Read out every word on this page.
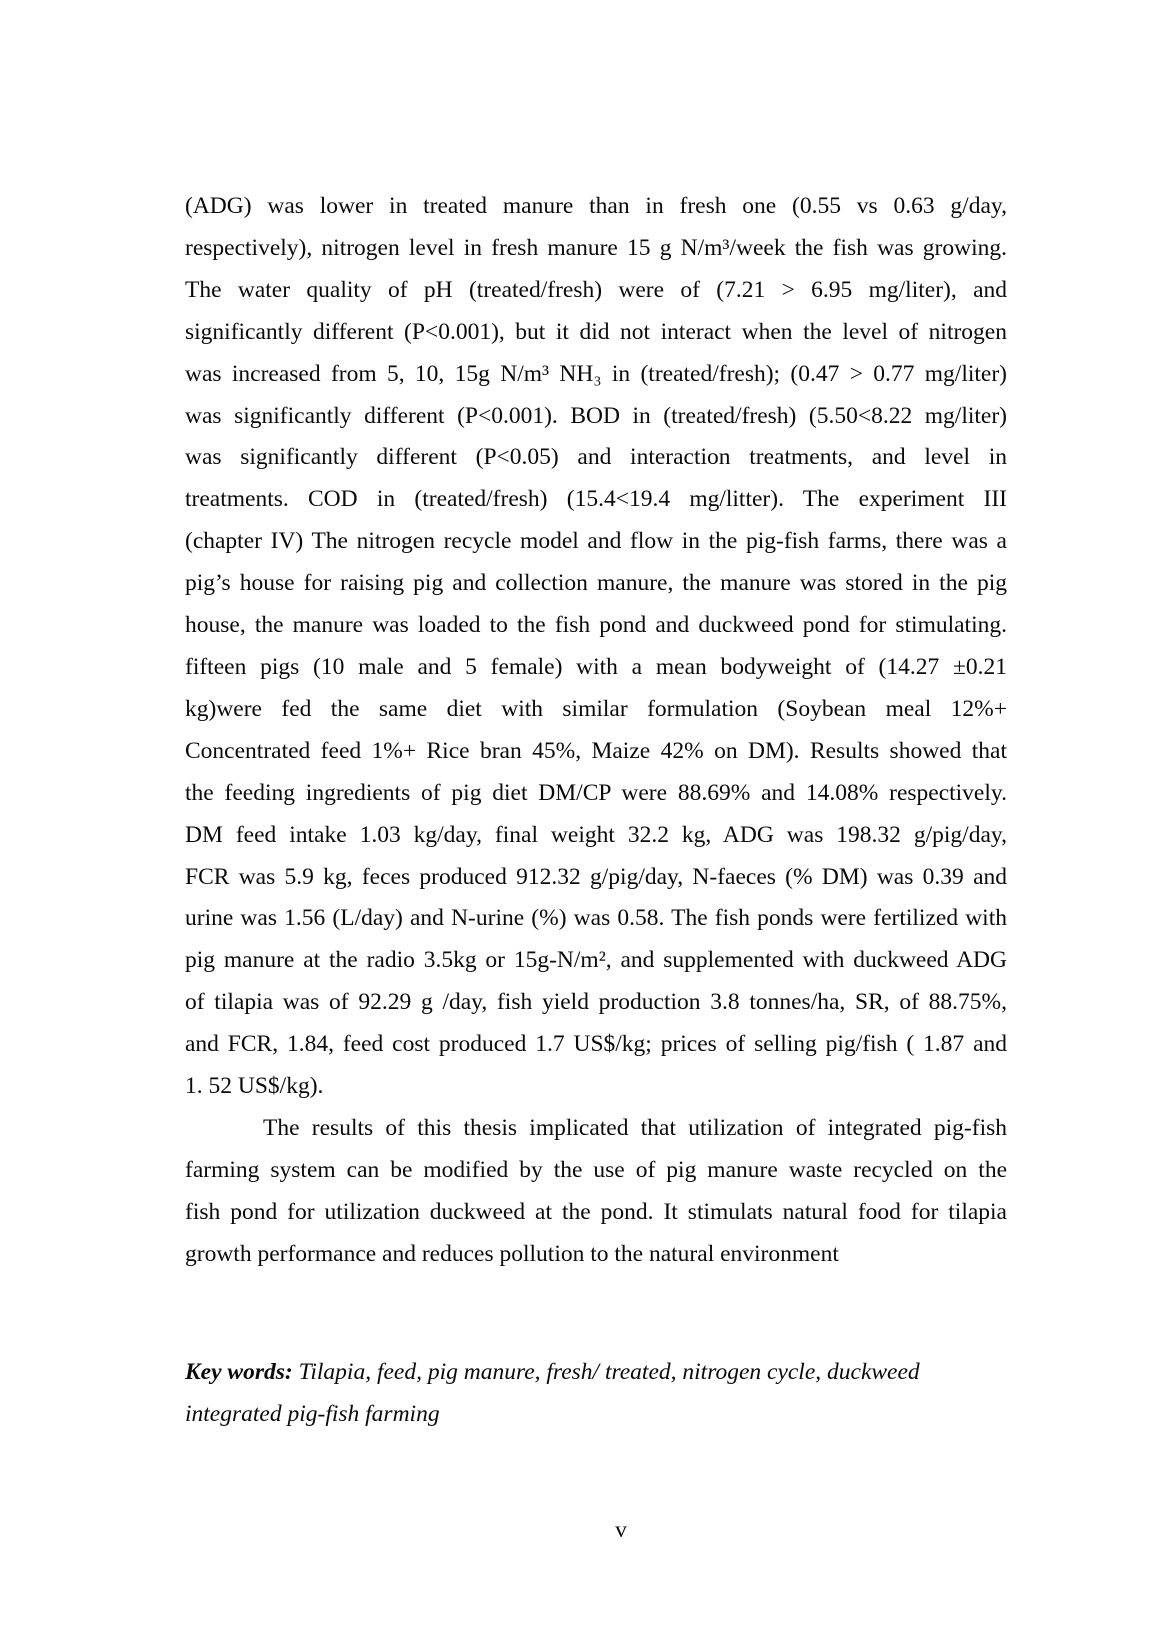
(ADG) was lower in treated manure than in fresh one (0.55 vs 0.63 g/day,
respectively), nitrogen level in fresh manure 15 g N/m³/week the fish was growing.
The water quality of pH (treated/fresh) were of (7.21 > 6.95 mg/liter), and
significantly different (P<0.001), but it did not interact when the level of nitrogen
was increased from 5, 10, 15g N/m³ NH₃ in (treated/fresh); (0.47 > 0.77 mg/liter)
was significantly different (P<0.001). BOD in (treated/fresh) (5.50<8.22 mg/liter)
was significantly different (P<0.05) and interaction treatments, and level in
treatments. COD in (treated/fresh) (15.4<19.4 mg/litter). The experiment III
(chapter IV) The nitrogen recycle model and flow in the pig-fish farms, there was a
pig’s house for raising pig and collection manure, the manure was stored in the pig
house, the manure was loaded to the fish pond and duckweed pond for stimulating.
fifteen pigs (10 male and 5 female) with a mean bodyweight of (14.27 ±0.21
kg)were fed the same diet with similar formulation (Soybean meal 12%+
Concentrated feed 1%+ Rice bran 45%, Maize 42% on DM). Results showed that
the feeding ingredients of pig diet DM/CP were 88.69% and 14.08% respectively.
DM feed intake 1.03 kg/day, final weight 32.2 kg, ADG was 198.32 g/pig/day,
FCR was 5.9 kg, feces produced 912.32 g/pig/day, N-faeces (% DM) was 0.39 and
urine was 1.56 (L/day) and N-urine (%) was 0.58. The fish ponds were fertilized with
pig manure at the radio 3.5kg or 15g-N/m², and supplemented with duckweed ADG
of tilapia was of 92.29 g /day, fish yield production 3.8 tonnes/ha, SR, of 88.75%,
and FCR, 1.84, feed cost produced 1.7 US$/kg; prices of selling pig/fish ( 1.87 and
1. 52 US$/kg).
The results of this thesis implicated that utilization of integrated pig-fish
farming system can be modified by the use of pig manure waste recycled on the
fish pond for utilization duckweed at the pond. It stimulats natural food for tilapia
growth performance and reduces pollution to the natural environment
Key words: Tilapia, feed, pig manure, fresh/ treated, nitrogen cycle, duckweed
integrated pig-fish farming
v
